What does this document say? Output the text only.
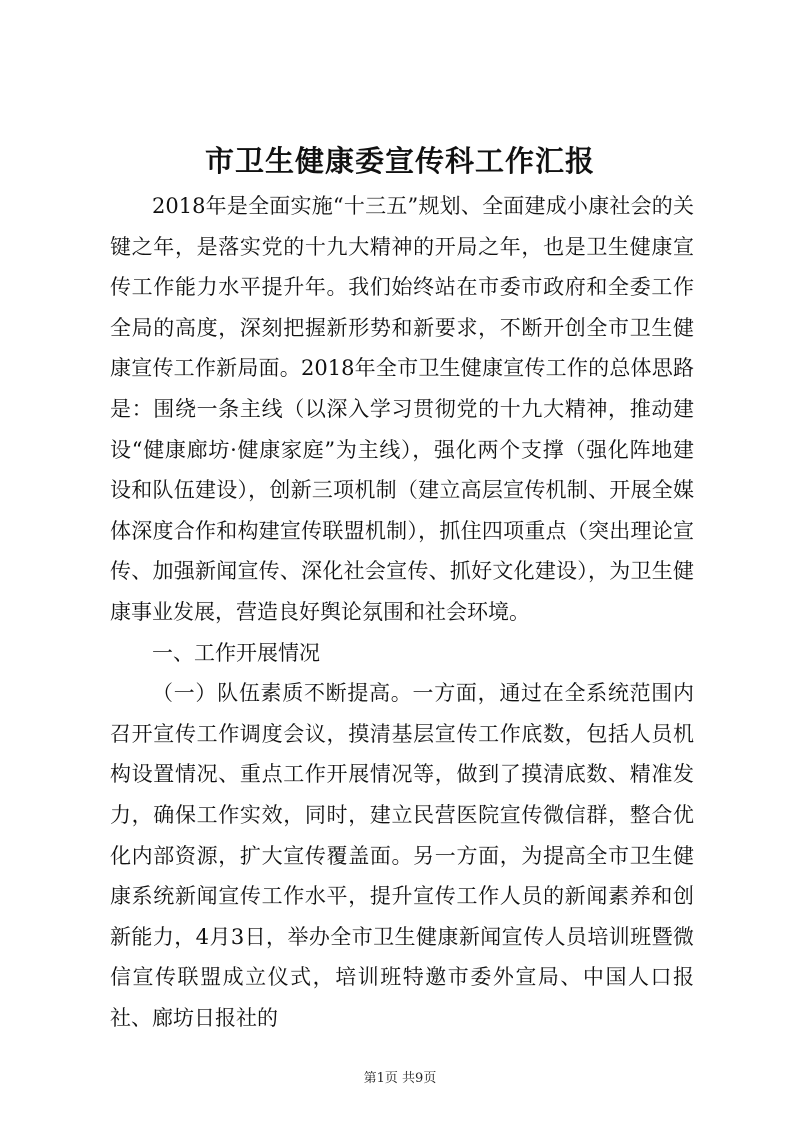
市卫生健康委宣传科工作汇报

2018年是全面实施“十三五”规划、全面建成小康社会的关键之年，是落实党的十九大精神的开局之年，也是卫生健康宣传工作能力水平提升年。我们始终站在市委市政府和全委工作全局的高度，深刻把握新形势和新要求，不断开创全市卫生健康宣传工作新局面。2018年全市卫生健康宣传工作的总体思路是：围绕一条主线（以深入学习贯彻党的十九大精神，推动建设“健康廊坊·健康家庭”为主线），强化两个支撑（强化阵地建设和队伍建设），创新三项机制（建立高层宣传机制、开展全媒体深度合作和构建宣传联盟机制），抓住四项重点（突出理论宣传、加强新闻宣传、深化社会宣传、抓好文化建设），为卫生健康事业发展，营造良好舆论氛围和社会环境。

一、工作开展情况

（一）队伍素质不断提高。一方面，通过在全系统范围内召开宣传工作调度会议，摸清基层宣传工作底数，包括人员机构设置情况、重点工作开展情况等，做到了摸清底数、精准发力，确保工作实效，同时，建立民营医院宣传微信群，整合优化内部资源，扩大宣传覆盖面。另一方面，为提高全市卫生健康系统新闻宣传工作水平，提升宣传工作人员的新闻素养和创新能力，4月3日，举办全市卫生健康新闻宣传人员培训班暨微信宣传联盟成立仪式，培训班特邀市委外宣局、中国人口报社、廊坊日报社的

第1页 共9页
